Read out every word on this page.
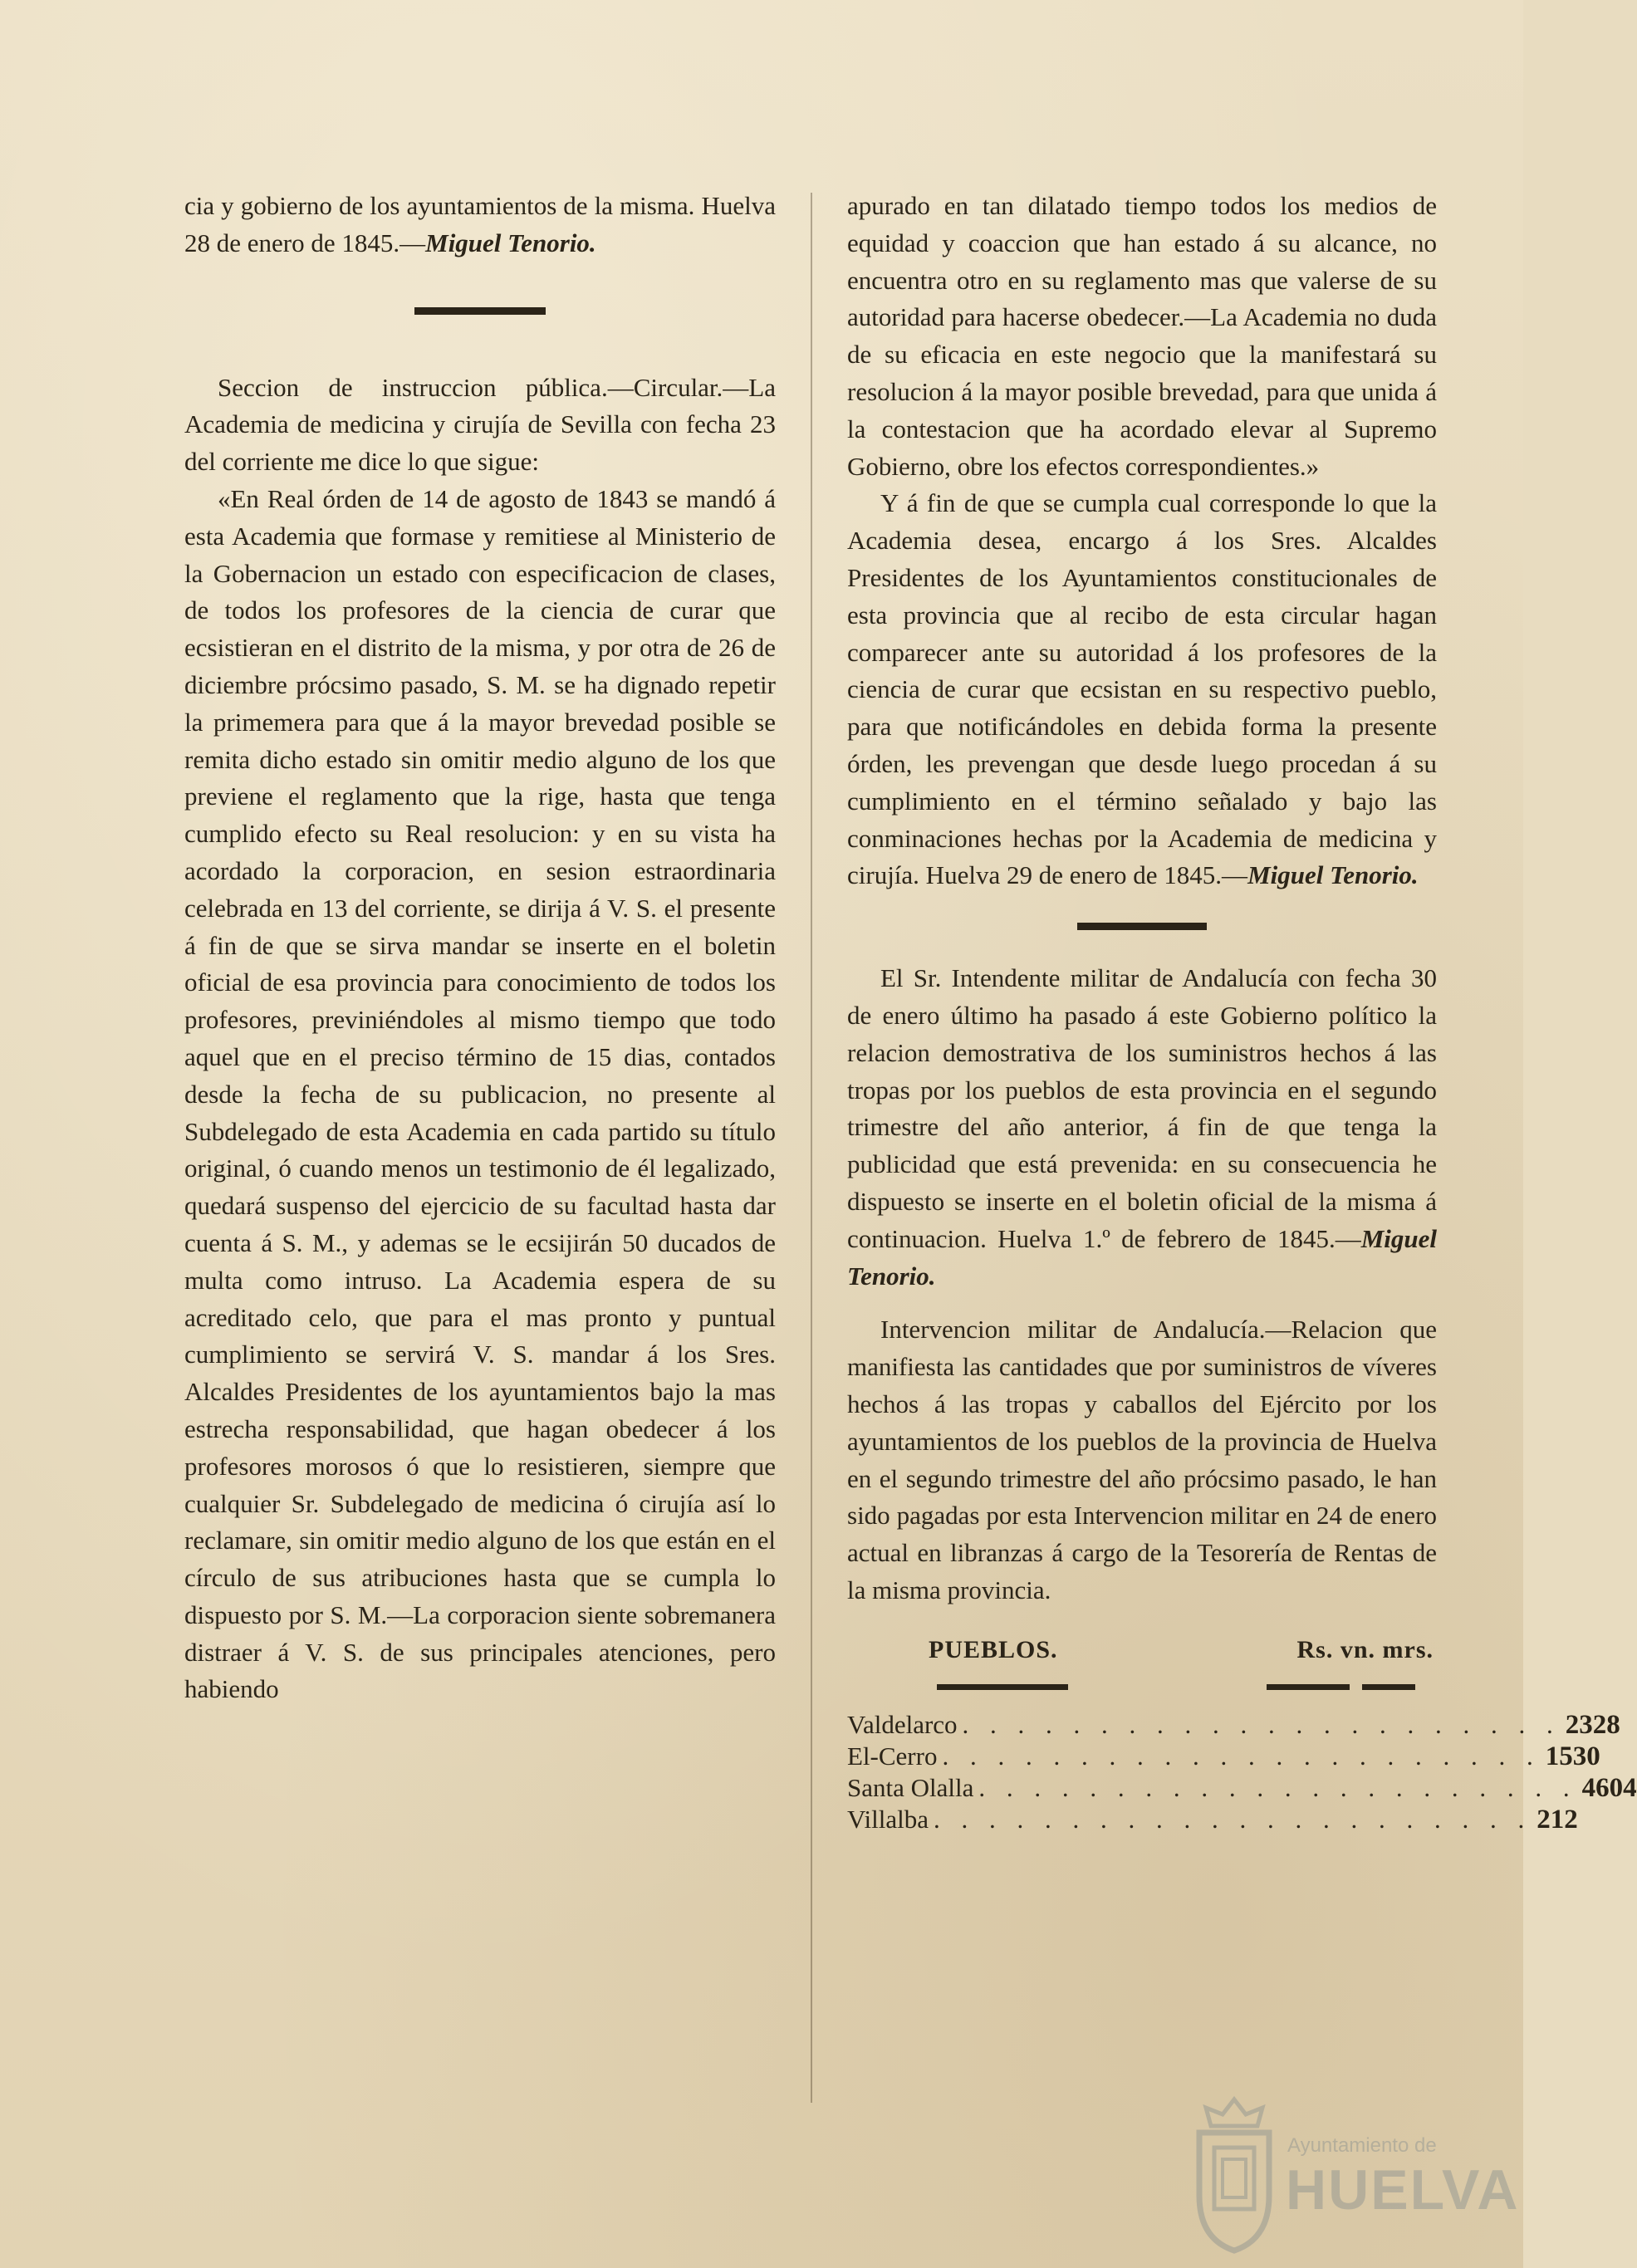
cia y gobierno de los ayuntamientos de la misma. Huelva 28 de enero de 1845.—Miguel Tenorio.

Seccion de instruccion pública.—Circular.—La Academia de medicina y cirujía de Sevilla con fecha 23 del corriente me dice lo que sigue:

«En Real órden de 14 de agosto de 1843 se mandó á esta Academia que formase y remitiese al Ministerio de la Gobernacion un estado con especificacion de clases, de todos los profesores de la ciencia de curar que ecsistieran en el distrito de la misma, y por otra de 26 de diciembre prócsimo pasado, S. M. se ha dignado repetir la primemera para que á la mayor brevedad posible se remita dicho estado sin omitir medio alguno de los que previene el reglamento que la rige, hasta que tenga cumplido efecto su Real resolucion: y en su vista ha acordado la corporacion, en sesion estraordinaria celebrada en 13 del corriente, se dirija á V. S. el presente á fin de que se sirva mandar se inserte en el boletin oficial de esa provincia para conocimiento de todos los profesores, previniéndoles al mismo tiempo que todo aquel que en el preciso término de 15 dias, contados desde la fecha de su publicacion, no presente al Subdelegado de esta Academia en cada partido su título original, ó cuando menos un testimonio de él legalizado, quedará suspenso del ejercicio de su facultad hasta dar cuenta á S. M., y ademas se le ecsijirán 50 ducados de multa como intruso. La Academia espera de su acreditado celo, que para el mas pronto y puntual cumplimiento se servirá V. S. mandar á los Sres. Alcaldes Presidentes de los ayuntamientos bajo la mas estrecha responsabilidad, que hagan obedecer á los profesores morosos ó que lo resistieren, siempre que cualquier Sr. Subdelegado de medicina ó cirujía así lo reclamare, sin omitir medio alguno de los que están en el círculo de sus atribuciones hasta que se cumpla lo dispuesto por S. M.—La corporacion siente sobremanera distraer á V. S. de sus principales atenciones, pero habiendo

apurado en tan dilatado tiempo todos los medios de equidad y coaccion que han estado á su alcance, no encuentra otro en su reglamento mas que valerse de su autoridad para hacerse obedecer.—La Academia no duda de su eficacia en este negocio que la manifestará su resolucion á la mayor posible brevedad, para que unida á la contestacion que ha acordado elevar al Supremo Gobierno, obre los efectos correspondientes.»

Y á fin de que se cumpla cual corresponde lo que la Academia desea, encargo á los Sres. Alcaldes Presidentes de los Ayuntamientos constitucionales de esta provincia que al recibo de esta circular hagan comparecer ante su autoridad á los profesores de la ciencia de curar que ecsistan en su respectivo pueblo, para que notificándoles en debida forma la presente órden, les prevengan que desde luego procedan á su cumplimiento en el término señalado y bajo las conminaciones hechas por la Academia de medicina y cirujía. Huelva 29 de enero de 1845.—Miguel Tenorio.

El Sr. Intendente militar de Andalucía con fecha 30 de enero último ha pasado á este Gobierno político la relacion demostrativa de los suministros hechos á las tropas por los pueblos de esta provincia en el segundo trimestre del año anterior, á fin de que tenga la publicidad que está prevenida: en su consecuencia he dispuesto se inserte en el boletin oficial de la misma á continuacion. Huelva 1.º de febrero de 1845.—Miguel Tenorio.

Intervencion militar de Andalucía.—Relacion que manifiesta las cantidades que por suministros de víveres hechos á las tropas y caballos del Ejército por los ayuntamientos de los pueblos de la provincia de Huelva en el segundo trimestre del año prócsimo pasado, le han sido pagadas por esta Intervencion militar en 24 de enero actual en libranzas á cargo de la Tesorería de Rentas de la misma provincia.

PUEBLOS.	Rs. vn. mrs.
Valdelarco . . . . . . . . . . . . . . . . . . . . . . 23 28
El-Cerro . . . . . . . . . . . . . . . . . . . . . . 15 30
Santa Olalla . . . . . . . . . . . . . . . . . . . . . . 460 4
Villalba . . . . . . . . . . . . . . . . . . . . . . 2 12
Ayuntamiento de
HUELVA
